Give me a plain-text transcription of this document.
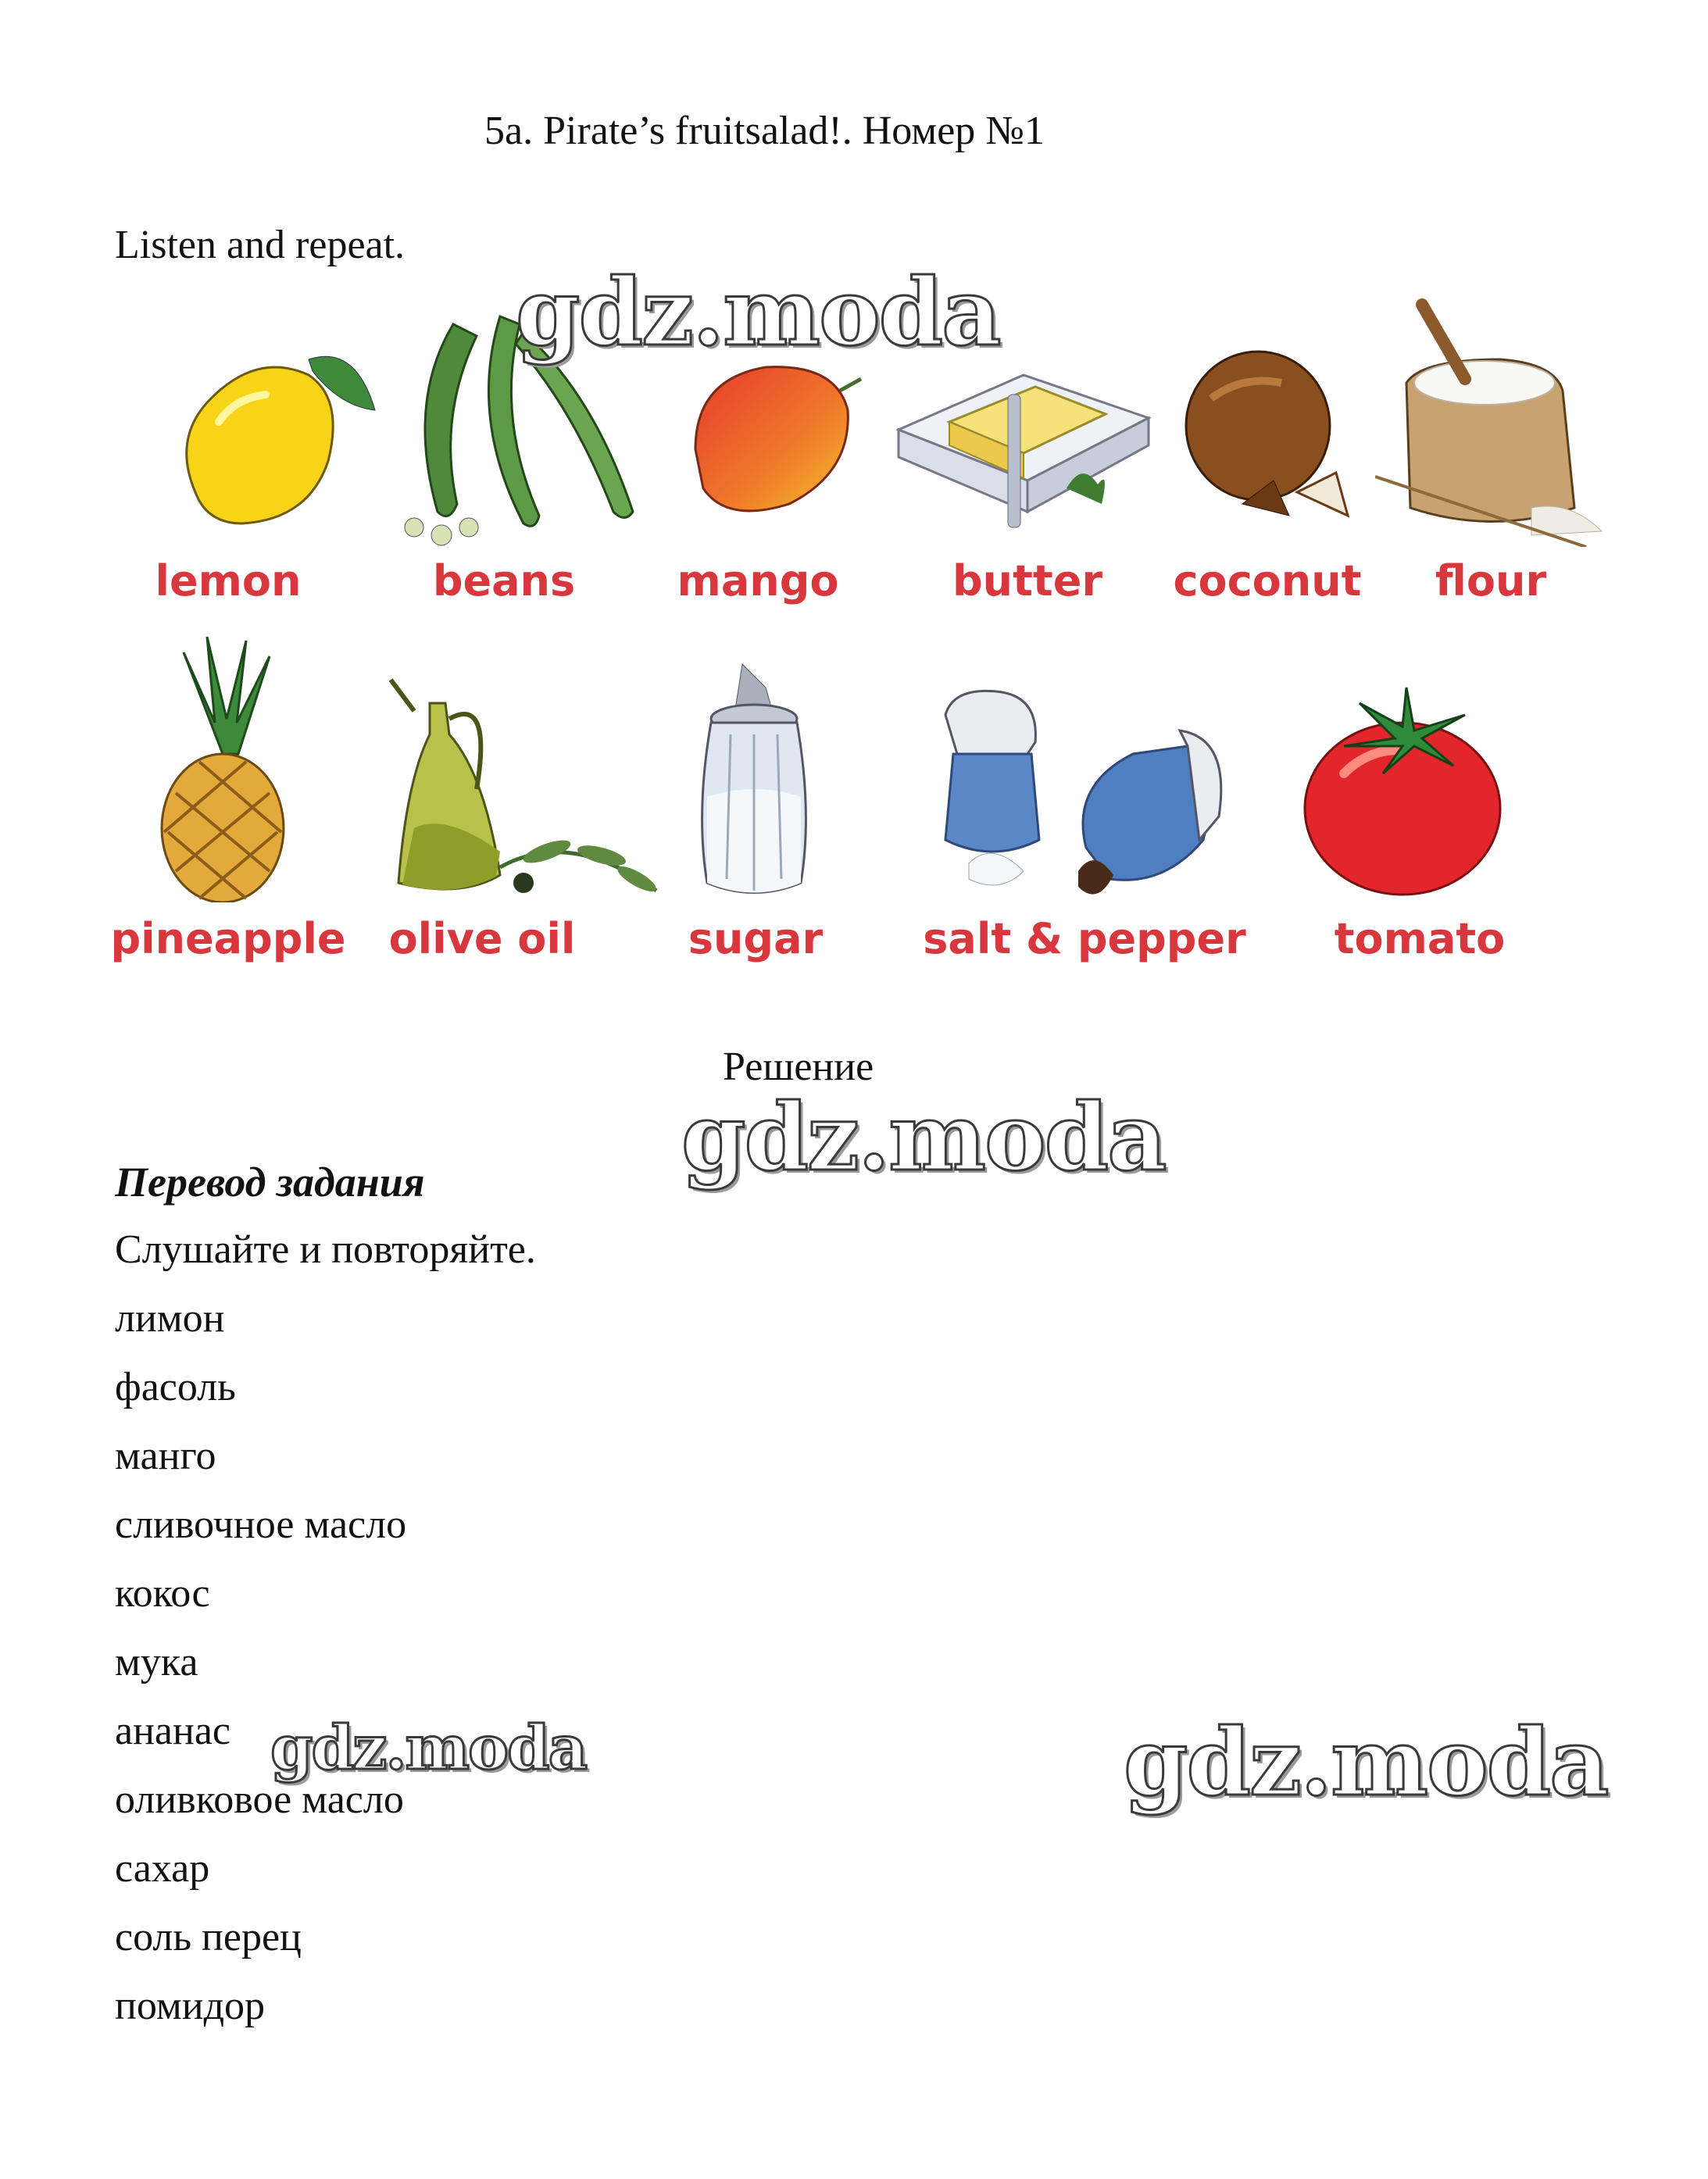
5a. Pirate’s fruitsalad!. Номер №1
Listen and repeat.
lemon	beans mango	butter coconut flour
pineapple olive oil	sugar salt & pepper tomato
Решение
Перевод задания
Слушайте и повторяйте.
лимон
фасоль
манго
сливочное масло
кокос
мука
ананас
оливковое масло
сахар
соль перец
помидор
gdz.moda
gdz.moda
gdz.moda	gdz.moda
